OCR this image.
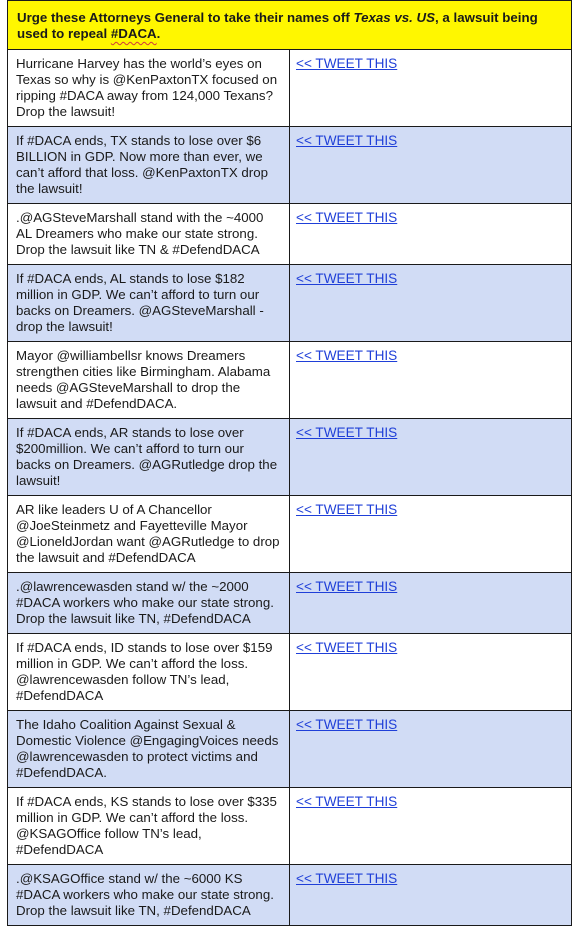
Urge these Attorneys General to take their names off Texas vs. US, a lawsuit being used to repeal #DACA.	
Hurricane Harvey has the world’s eyes on Texas so why is @KenPaxtonTX focused on ripping #DACA away from 124,000 Texans? Drop the lawsuit!	<< TWEET THIS
If #DACA ends, TX stands to lose over $6 BILLION in GDP. Now more than ever, we can’t afford that loss. @KenPaxtonTX drop the lawsuit!	<< TWEET THIS
.@AGSteveMarshall stand with the ~4000 AL Dreamers who make our state strong. Drop the lawsuit like TN & #DefendDACA	<< TWEET THIS
If #DACA ends, AL stands to lose $182 million in GDP. We can’t afford to turn our backs on Dreamers. @AGSteveMarshall - drop the lawsuit!	<< TWEET THIS
Mayor @williambellsr knows Dreamers strengthen cities like Birmingham. Alabama needs @AGSteveMarshall to drop the lawsuit and #DefendDACA.	<< TWEET THIS
If #DACA ends, AR stands to lose over $200million. We can’t afford to turn our backs on Dreamers. @AGRutledge drop the lawsuit!	<< TWEET THIS
AR like leaders U of A Chancellor @JoeSteinmetz and Fayetteville Mayor @LioneldJordan want @AGRutledge to drop the lawsuit and #DefendDACA	<< TWEET THIS
.@lawrencewasden stand w/ the ~2000 #DACA workers who make our state strong. Drop the lawsuit like TN, #DefendDACA	<< TWEET THIS
If #DACA ends, ID stands to lose over $159 million in GDP. We can’t afford the loss. @lawrencewasden follow TN’s lead, #DefendDACA	<< TWEET THIS
The Idaho Coalition Against Sexual & Domestic Violence @EngagingVoices needs @lawrencewasden to protect victims and #DefendDACA.	<< TWEET THIS
If #DACA ends, KS stands to lose over $335 million in GDP. We can’t afford the loss. @KSAGOffice follow TN’s lead, #DefendDACA	<< TWEET THIS
.@KSAGOffice stand w/ the ~6000 KS #DACA workers who make our state strong. Drop the lawsuit like TN, #DefendDACA	<< TWEET THIS
